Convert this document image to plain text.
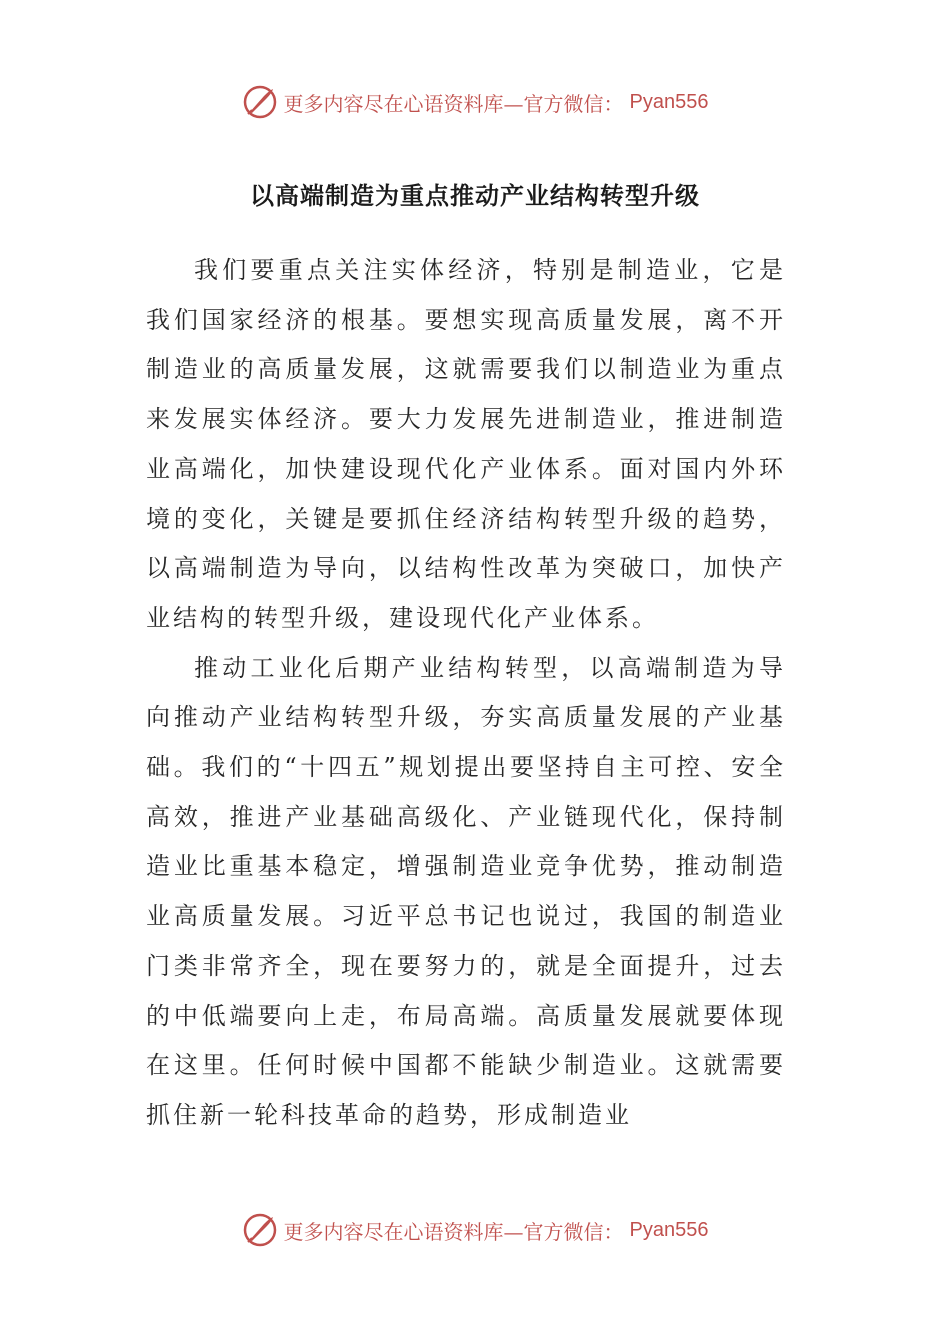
更多内容尽在心语资料库—官方微信： Pyan556
以高端制造为重点推动产业结构转型升级

我们要重点关注实体经济，特别是制造业，它是我们国家经济的根基。要想实现高质量发展，离不开制造业的高质量发展，这就需要我们以制造业为重点来发展实体经济。要大力发展先进制造业，推进制造业高端化，加快建设现代化产业体系。面对国内外环境的变化，关键是要抓住经济结构转型升级的趋势，以高端制造为导向，以结构性改革为突破口，加快产业结构的转型升级，建设现代化产业体系。

推动工业化后期产业结构转型，以高端制造为导向推动产业结构转型升级，夯实高质量发展的产业基础。我们的“十四五”规划提出要坚持自主可控、安全高效，推进产业基础高级化、产业链现代化，保持制造业比重基本稳定，增强制造业竞争优势，推动制造业高质量发展。习近平总书记也说过，我国的制造业门类非常齐全，现在要努力的，就是全面提升，过去的中低端要向上走，布局高端。高质量发展就要体现在这里。任何时候中国都不能缺少制造业。这就需要抓住新一轮科技革命的趋势，形成制造业

更多内容尽在心语资料库—官方微信： Pyan556
